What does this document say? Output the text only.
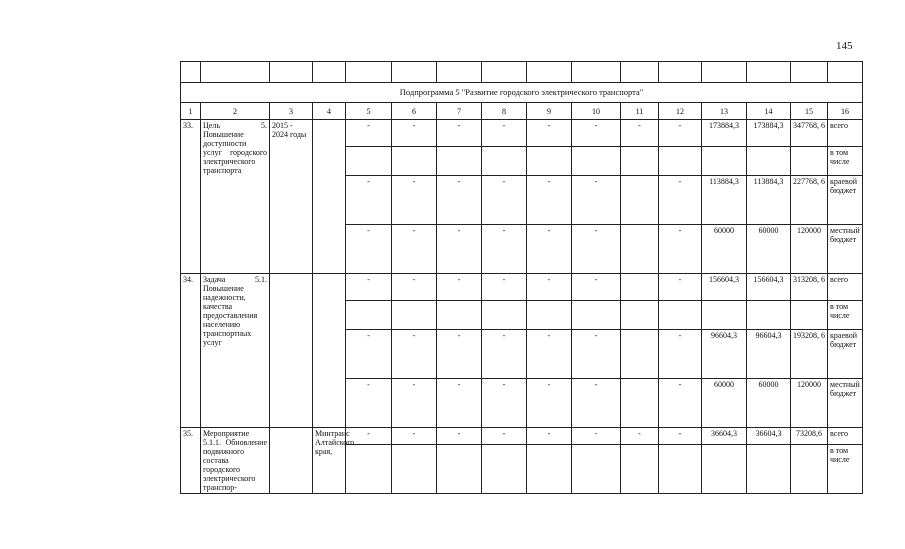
145

Подпрограмма 5 "Развитие городского электрического транспорта"															
1	2	3	4	5	6	7	8	9	10	11	12	13	14	15	16
33.	Цель 5. Повышение доступности услуг городского электрического транспорта	2015 - 2024 годы		-	-	-	-	-	-	-	-	173884,3	173884,3	347768, 6	всего
															в том числе
				-	-	-	-	-	-		-	113884,3	113884,3	227768, 6	краевой бюджет
				-	-	-	-	-	-		-	60000	60000	120000	местный бюджет
34.	Задача 5.1. Повышение надежности, качества предоставления населению транспортных услуг			-	-	-	-	-	-		-	156604,3	156604,3	313208, 6	всего
															в том числе
				-	-	-	-	-	-		-	96604,3	96604,3	193208, 6	краевой бюджет
				-	-	-	-	-	-		-	60000	60000	120000	местный бюджет
35.	Мероприятие 5.1.1. Обновление подвижного состава городского электрического транспор-		Минтранс Алтайского края,	-	-	-	-	-	-	-	-	36604,3	36604,3	73208,6	всего
															в том числе
